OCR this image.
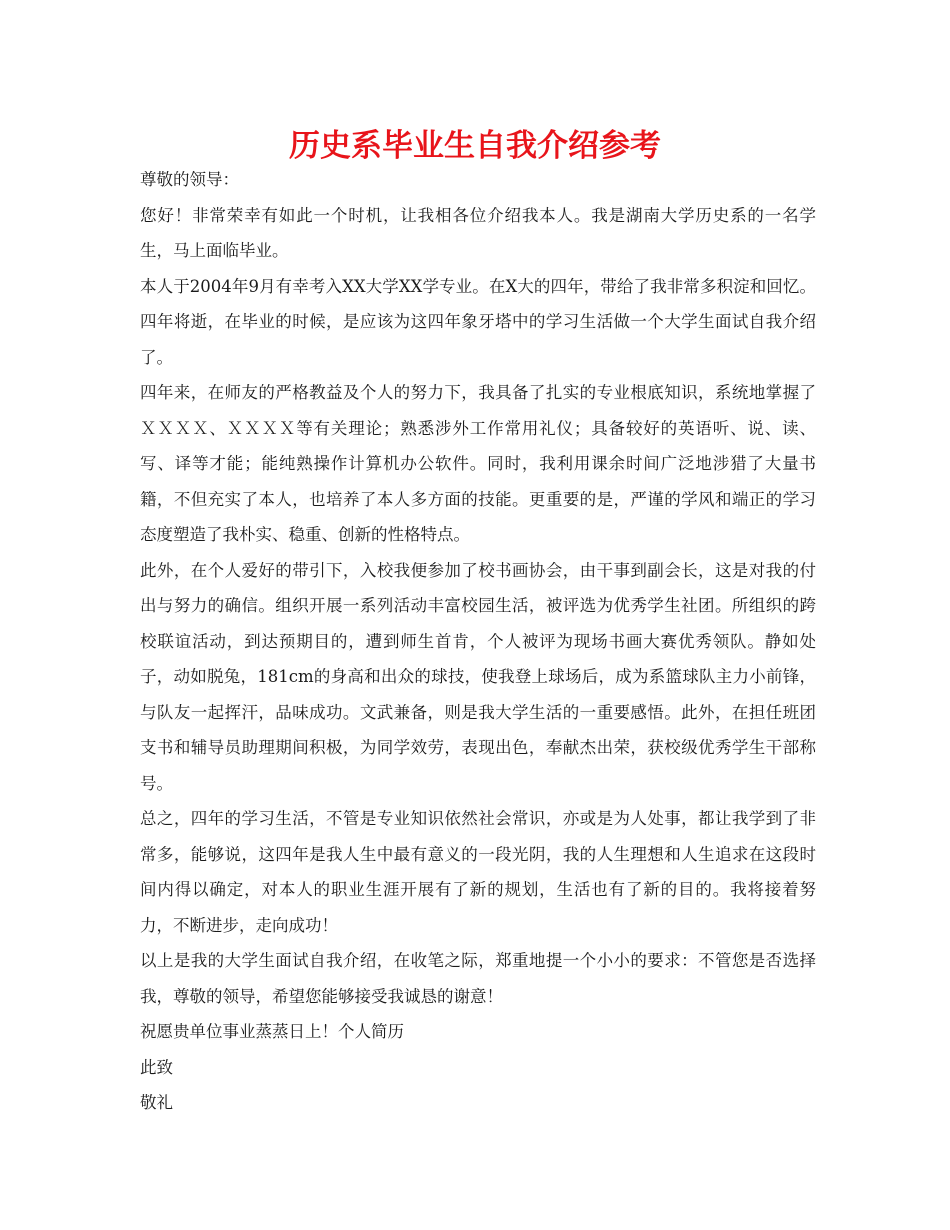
历史系毕业生自我介绍参考

尊敬的领导：

您好！非常荣幸有如此一个时机，让我相各位介绍我本人。我是湖南大学历史系的一名学生，马上面临毕业。

本人于2004年9月有幸考入XX大学XX学专业。在X大的四年，带给了我非常多积淀和回忆。四年将逝，在毕业的时候，是应该为这四年象牙塔中的学习生活做一个大学生面试自我介绍了。

四年来，在师友的严格教益及个人的努力下，我具备了扎实的专业根底知识，系统地掌握了ＸＸＸＸ、ＸＸＸＸ等有关理论；熟悉涉外工作常用礼仪；具备较好的英语听、说、读、写、译等才能；能纯熟操作计算机办公软件。同时，我利用课余时间广泛地涉猎了大量书籍，不但充实了本人，也培养了本人多方面的技能。更重要的是，严谨的学风和端正的学习态度塑造了我朴实、稳重、创新的性格特点。

此外，在个人爱好的带引下，入校我便参加了校书画协会，由干事到副会长，这是对我的付出与努力的确信。组织开展一系列活动丰富校园生活，被评选为优秀学生社团。所组织的跨校联谊活动，到达预期目的，遭到师生首肯，个人被评为现场书画大赛优秀领队。静如处子，动如脱兔，181cm的身高和出众的球技，使我登上球场后，成为系篮球队主力小前锋，与队友一起挥汗，品味成功。文武兼备，则是我大学生活的一重要感悟。此外，在担任班团支书和辅导员助理期间积极，为同学效劳，表现出色，奉献杰出荣，获校级优秀学生干部称号。

总之，四年的学习生活，不管是专业知识依然社会常识，亦或是为人处事，都让我学到了非常多，能够说，这四年是我人生中最有意义的一段光阴，我的人生理想和人生追求在这段时间内得以确定，对本人的职业生涯开展有了新的规划，生活也有了新的目的。我将接着努力，不断进步，走向成功！

以上是我的大学生面试自我介绍，在收笔之际，郑重地提一个小小的要求：不管您是否选择我，尊敬的领导，希望您能够接受我诚恳的谢意！

祝愿贵单位事业蒸蒸日上！个人简历

此致

敬礼
